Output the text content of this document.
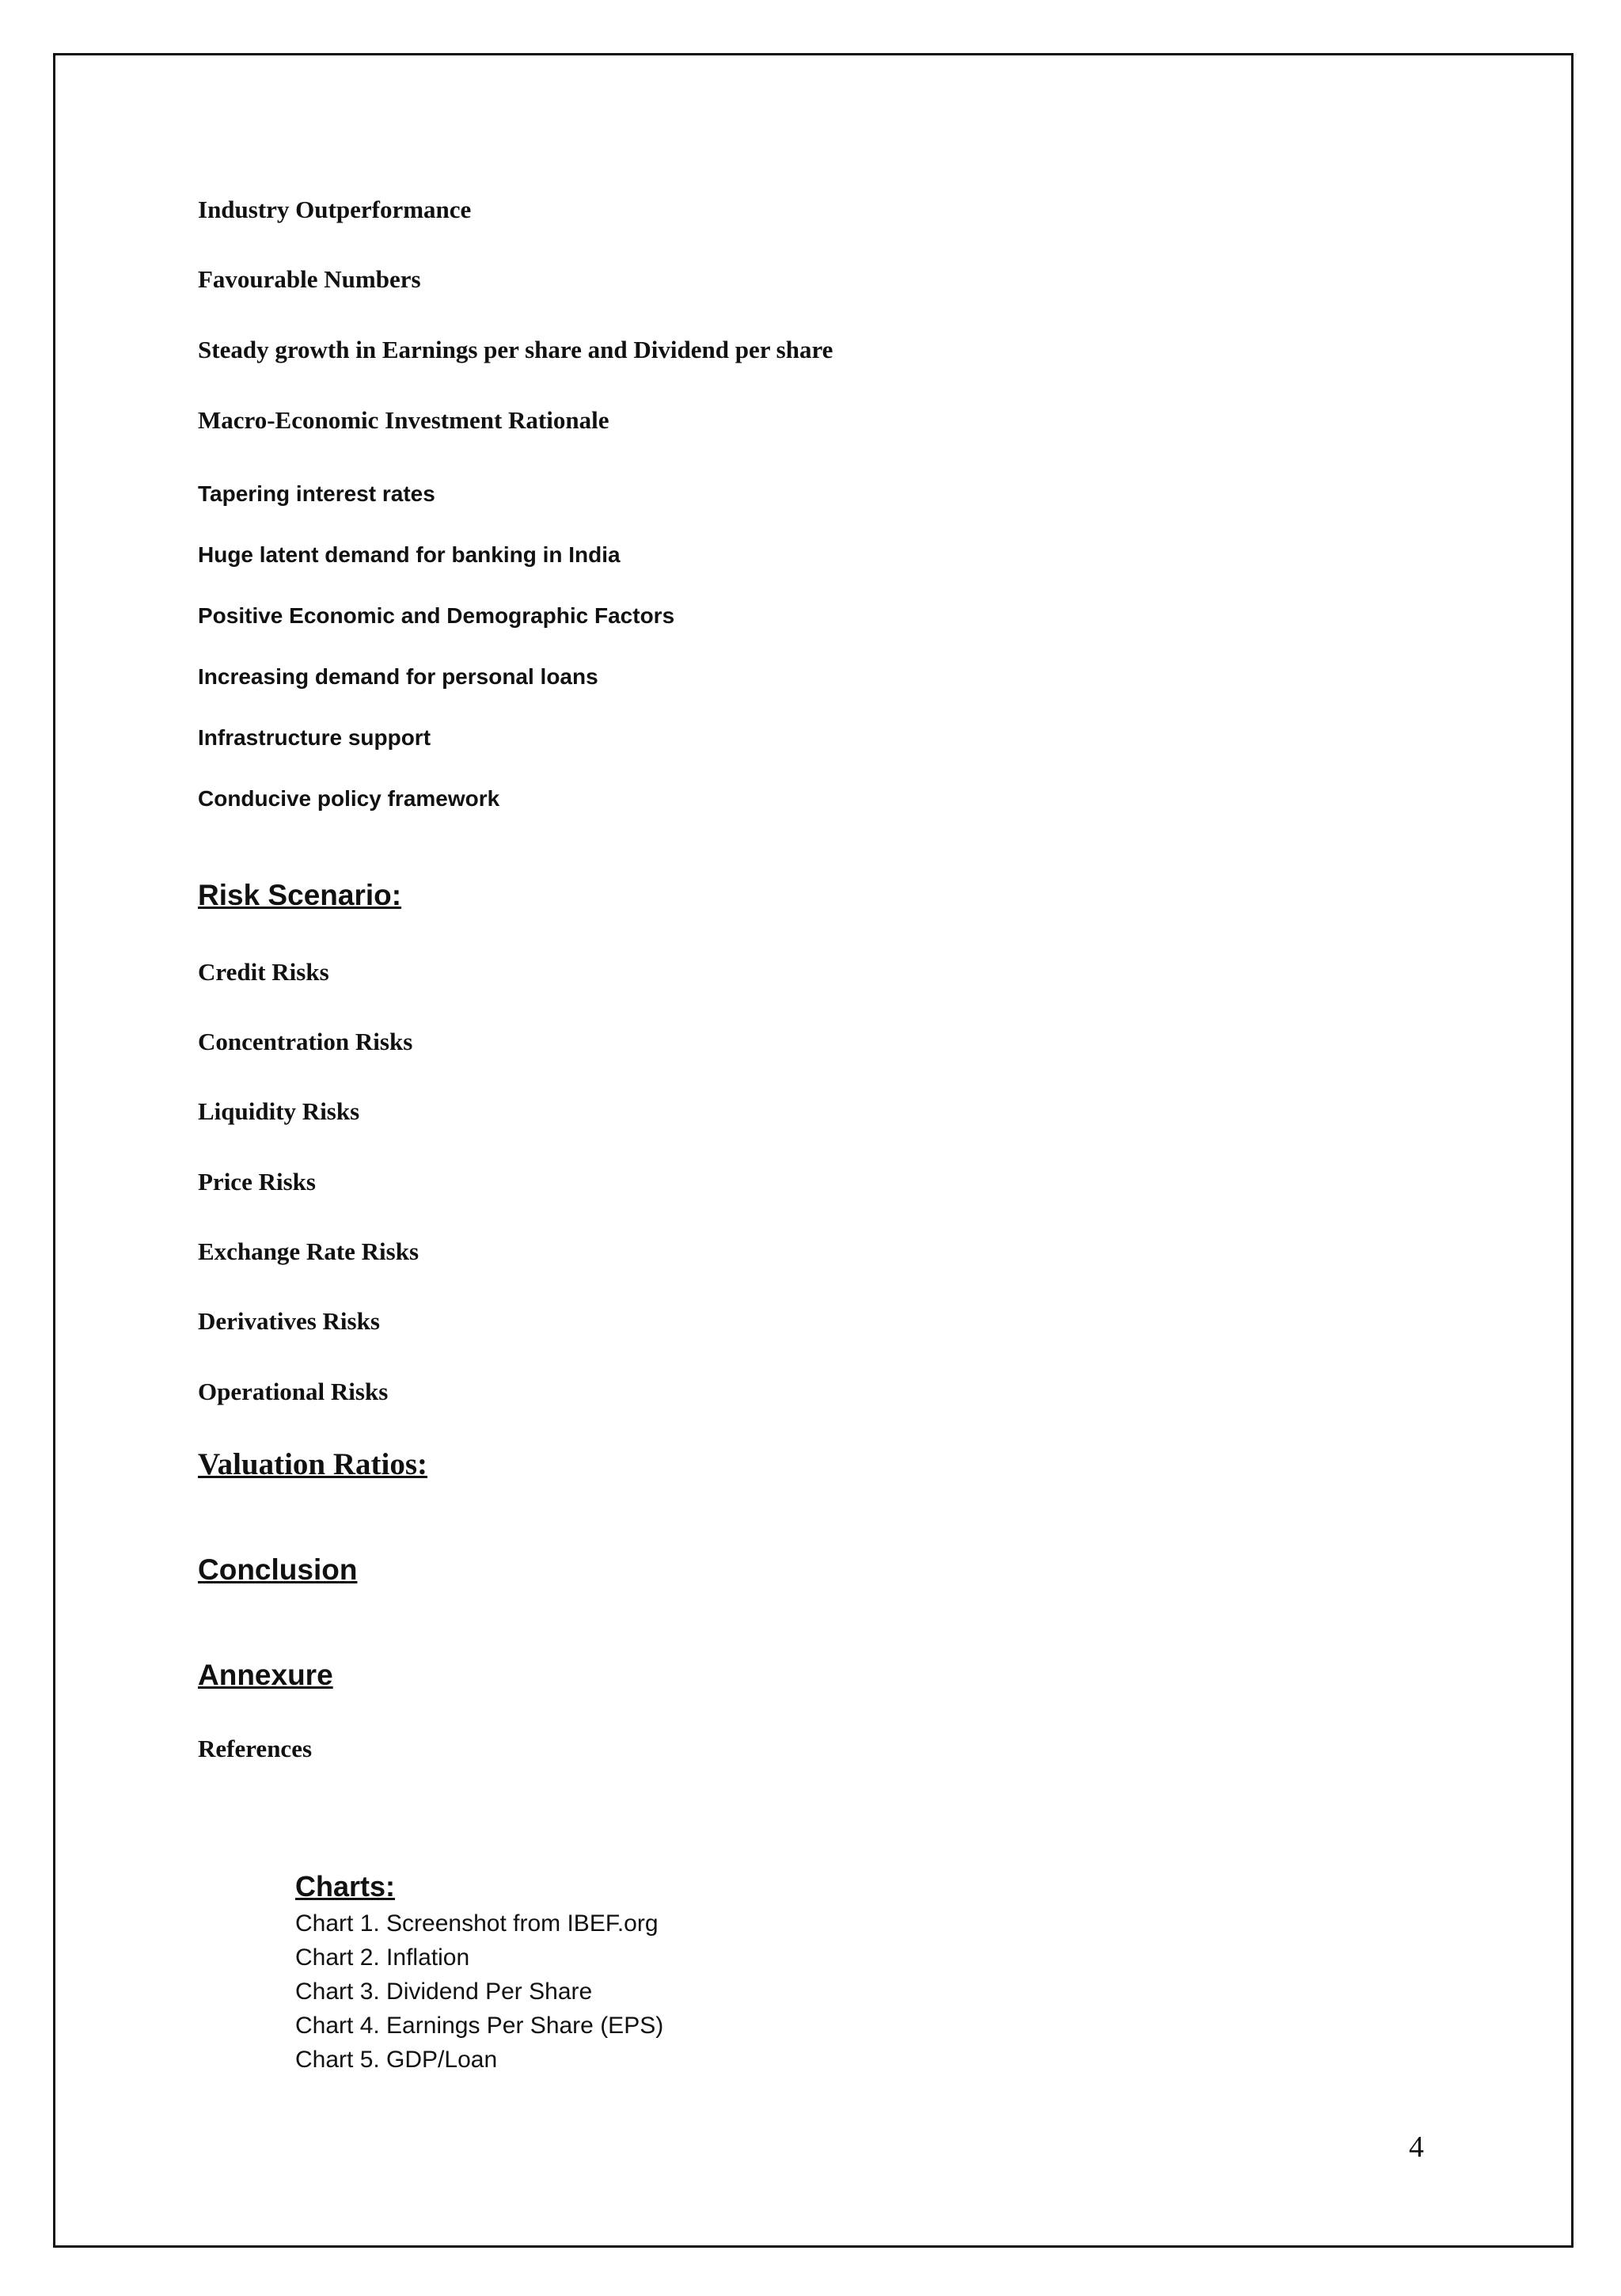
Industry Outperformance
Favourable Numbers
Steady growth in Earnings per share and Dividend per share
Macro-Economic Investment Rationale
Tapering interest rates
Huge latent demand for banking in India
Positive Economic and Demographic Factors
Increasing demand for personal loans
Infrastructure support
Conducive policy framework
Risk Scenario:
Credit Risks
Concentration Risks
Liquidity Risks
Price Risks
Exchange Rate Risks
Derivatives Risks
Operational Risks
Valuation Ratios:
Conclusion
Annexure
References
Charts:
Chart 1. Screenshot from IBEF.org
Chart 2. Inflation
Chart 3. Dividend Per Share
Chart 4. Earnings Per Share (EPS)
Chart 5. GDP/Loan
4
